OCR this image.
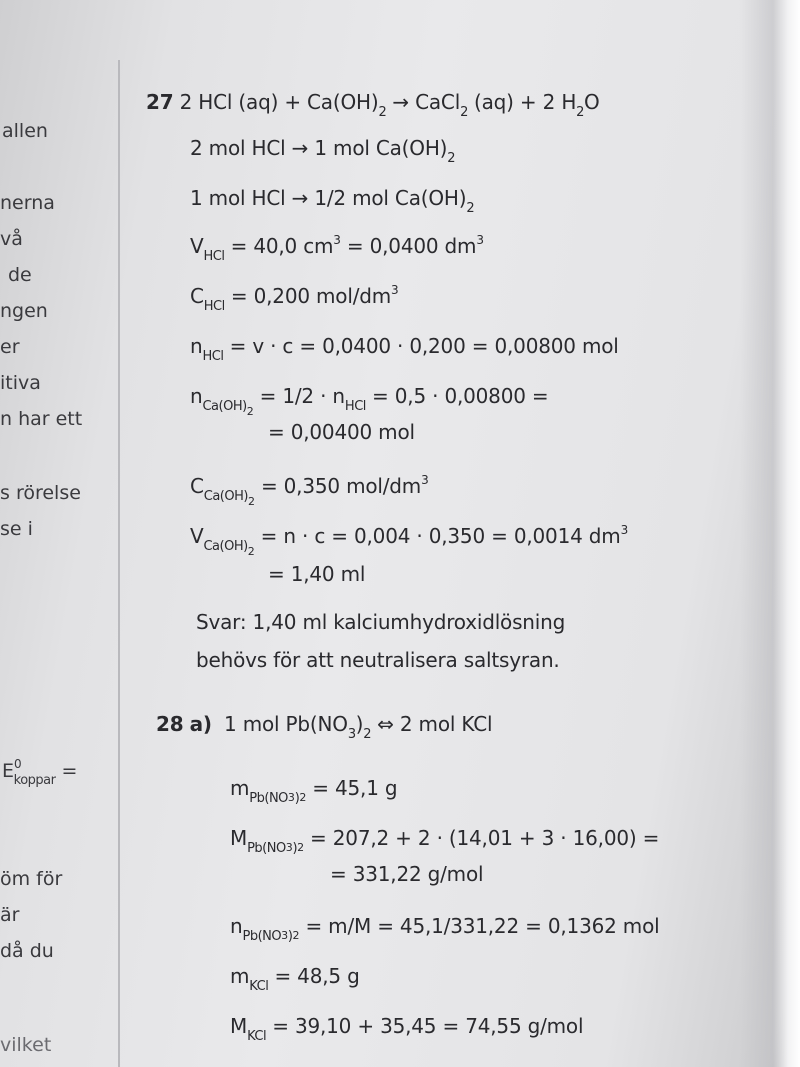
allen
nerna
vå
de
ngen
er
itiva
n har ett
s rörelse
se i
$E^0_{koppar}$ =
öm för
är
då du
vilket
27 2 HCl $(aq) + Ca(OH)_2$ → CaCl$_2$ (aq) + 2 $H_2O$
2 mol HCl → 1 mol $Ca(OH)_2$
1 mol HCl → 1/2 mol $Ca(OH)_2$
$V_{HCl} = 40,0$ $cm^3 = 0,0400$ $dm^3$
$C_{HCl} = 0,200$ mol/$dm^3$
$n_{HCl} = v \cdot c = 0,0400 \cdot 0,200 = 0,00800$ mol
$n_{Ca(OH)2} = 1/2 \cdot n_{HCl} = 0,5 \cdot 0,00800$ =
= 0,00400 mol
$C_{Ca(OH)2} = 0,350$ mol/$dm^3$
$V_{Ca(OH)2} = n \cdot c = 0,004 \cdot 0,350 = 0,0014$ $dm^3$
= 1,40 ml
Svar: 1,40 ml kalciumhydroxidlösning
behövs för att neutralisera saltsyran.
28 a) 1 mol $Pb(NO_3)_2$ ⇔ 2 mol KCl
$m_{Pb(NO3)2} = 45,1$ g
$M_{Pb(NO3)2} = 207,2 + 2 \cdot (14,01 + 3 \cdot 16,00)$ =
= 331,22 g/mol
$n_{Pb(NO3)2} = m/M = 45,1/331,22 = 0,1362$ mol
$m_{KCl} = 48,5$ g
$M_{KCl} = 39,10 + 35,45 = 74,55$ g/mol
